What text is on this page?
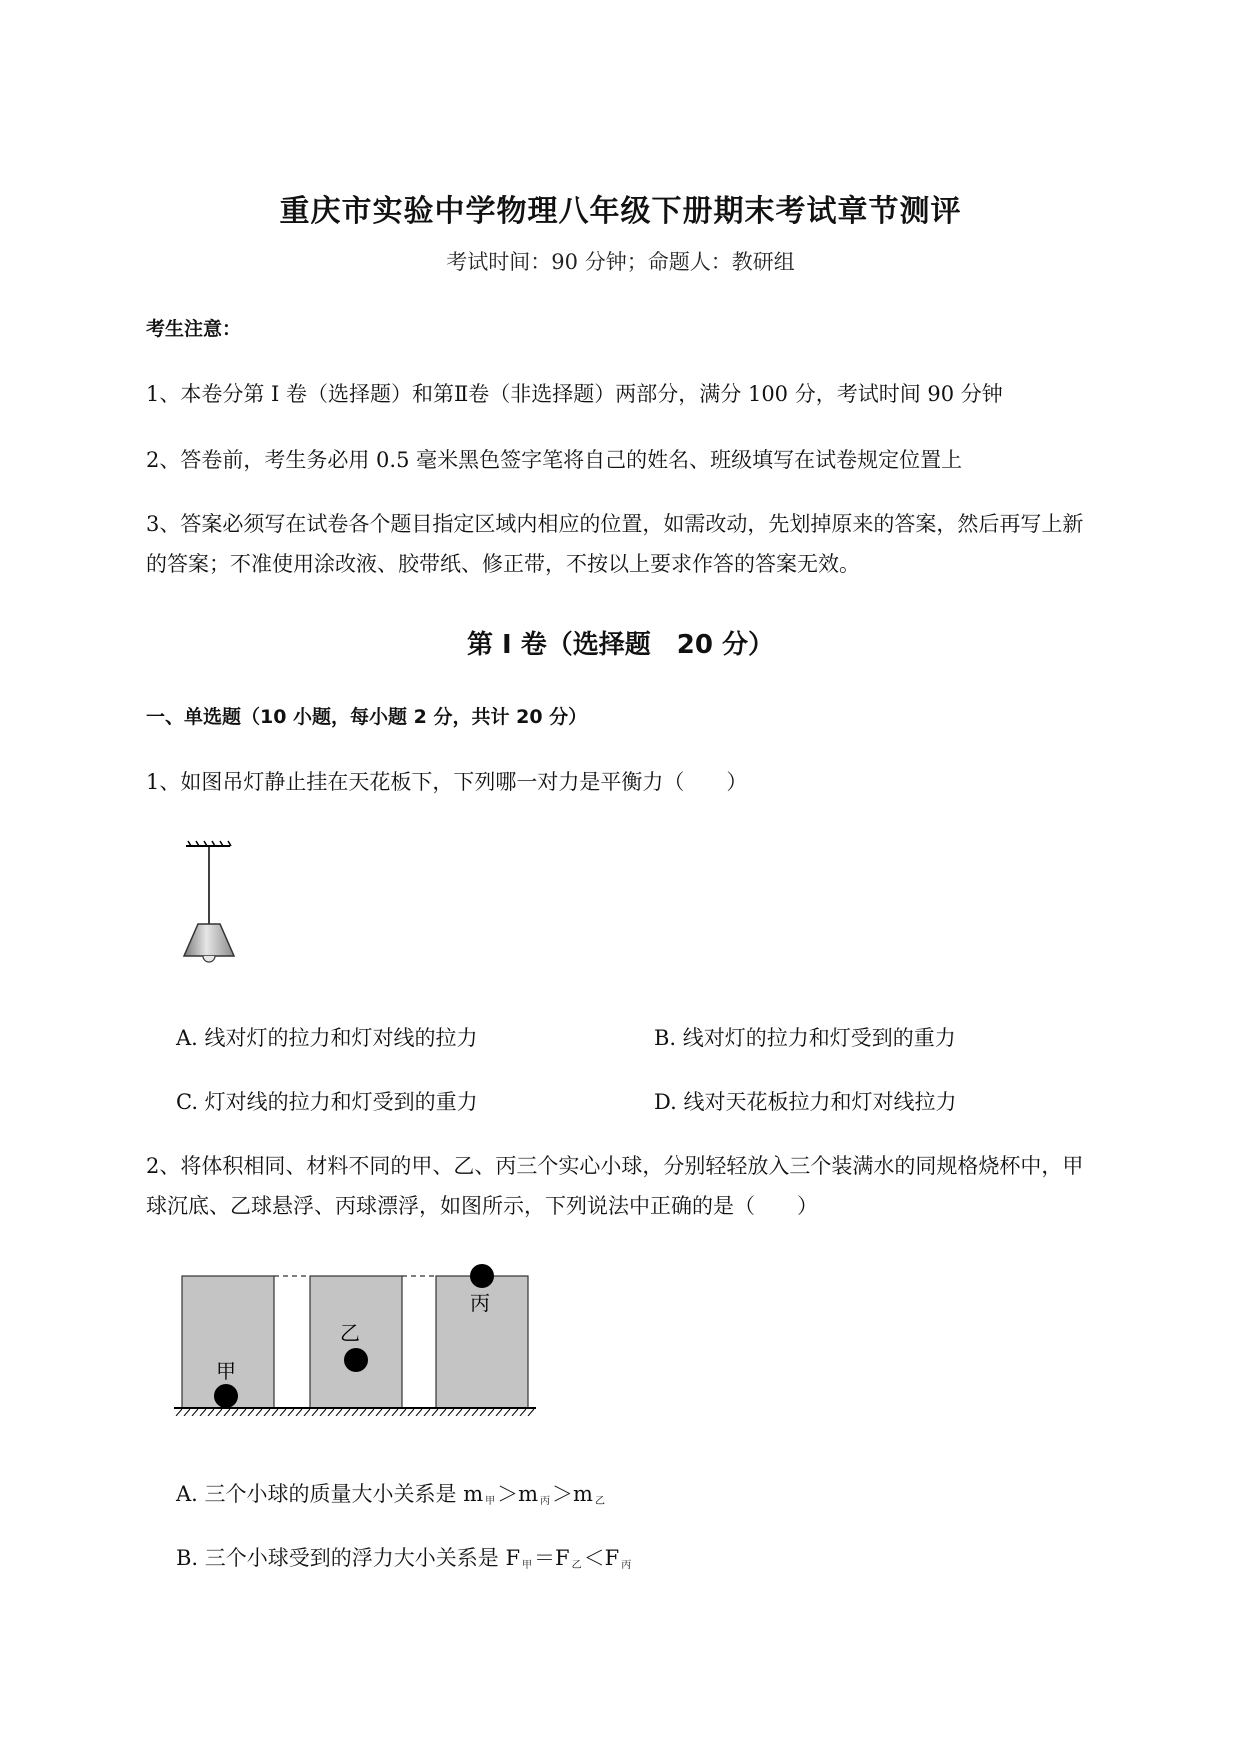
重庆市实验中学物理八年级下册期末考试章节测评
考试时间：90 分钟；命题人：教研组
考生注意：
1、本卷分第 I 卷（选择题）和第Ⅱ卷（非选择题）两部分，满分 100 分，考试时间 90 分钟
2、答卷前，考生务必用 0.5 毫米黑色签字笔将自己的姓名、班级填写在试卷规定位置上
3、答案必须写在试卷各个题目指定区域内相应的位置，如需改动，先划掉原来的答案，然后再写上新
的答案；不准使用涂改液、胶带纸、修正带，不按以上要求作答的答案无效。
第 I 卷（选择题　20 分）
一、单选题（10 小题，每小题 2 分，共计 20 分）
1、如图吊灯静止挂在天花板下，下列哪一对力是平衡力（　　）
A. 线对灯的拉力和灯对线的拉力	B. 线对灯的拉力和灯受到的重力
C. 灯对线的拉力和灯受到的重力	D. 线对天花板拉力和灯对线拉力
2、将体积相同、材料不同的甲、乙、丙三个实心小球，分别轻轻放入三个装满水的同规格烧杯中，甲
球沉底、乙球悬浮、丙球漂浮，如图所示，下列说法中正确的是（　　）
甲
乙
丙
A. 三个小球的质量大小关系是 m 甲＞m 丙＞m 乙
B. 三个小球受到的浮力大小关系是 F 甲＝F 乙＜F 丙
